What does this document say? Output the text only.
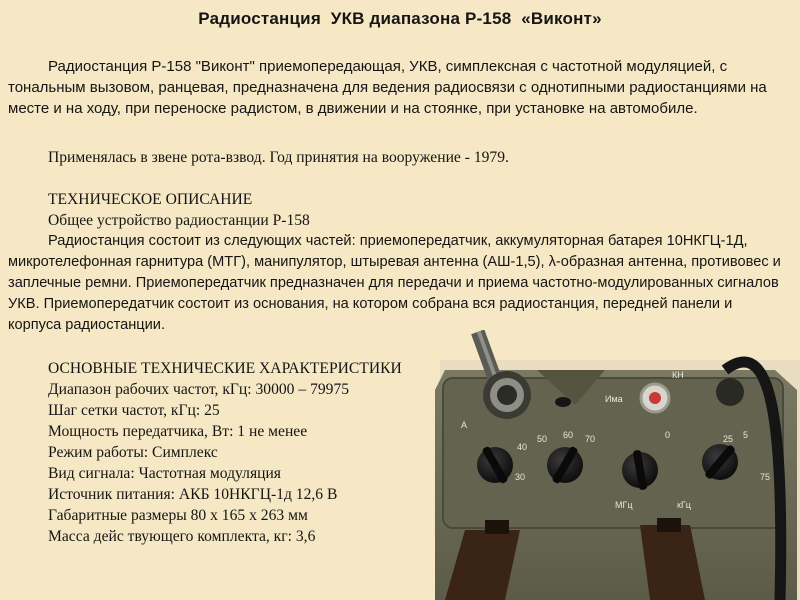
Радиостанция  УКВ диапазона Р-158  «Виконт»

Радиостанция Р-158 "Виконт" приемопередающая, УКВ, симплексная с частотной модуляцией, с тональным вызовом, ранцевая, предназначена для ведения радиосвязи с однотипными радиостанциями на месте и на ходу, при переноске радистом, в движении и на стоянке, при установке на автомобиле.

Применялась в звене рота-взвод. Год принятия на вооружение - 1979.
ТЕХНИЧЕСКОЕ ОПИСАНИЕ
Общее устройство радиостанции Р-158

Радиостанция состоит из следующих частей: приемопередатчик, аккумуляторная батарея 10НКГЦ-1Д, микротелефонная гарнитура (МТГ), манипулятор, штыревая антенна (АШ-1,5), λ-образная антенна, противовес и заплечные ремни. Приемопередатчик предназначен для передачи и приема частотно-модулированных сигналов УКВ. Приемопередатчик состоит из основания, на котором собрана вся радиостанция, передней панели и корпуса радиостанции.

Има
КН
A
50 60 70	0	25 5
30
40
МГц	кГц
75
ОСНОВНЫЕ ТЕХНИЧЕСКИЕ ХАРАКТЕРИСТИКИ
Диапазон рабочих частот, кГц: 30000 – 79975
Шаг сетки частот, кГц: 25
Мощность передатчика, Вт: 1 не менее
Режим работы: Симплекс
Вид сигнала: Частотная модуляция
Источник питания: АКБ 10НКГЦ-1д 12,6 В
Габаритные размеры 80 х 165 х 263 мм
Масса дейс твующего комплекта, кг: 3,6
